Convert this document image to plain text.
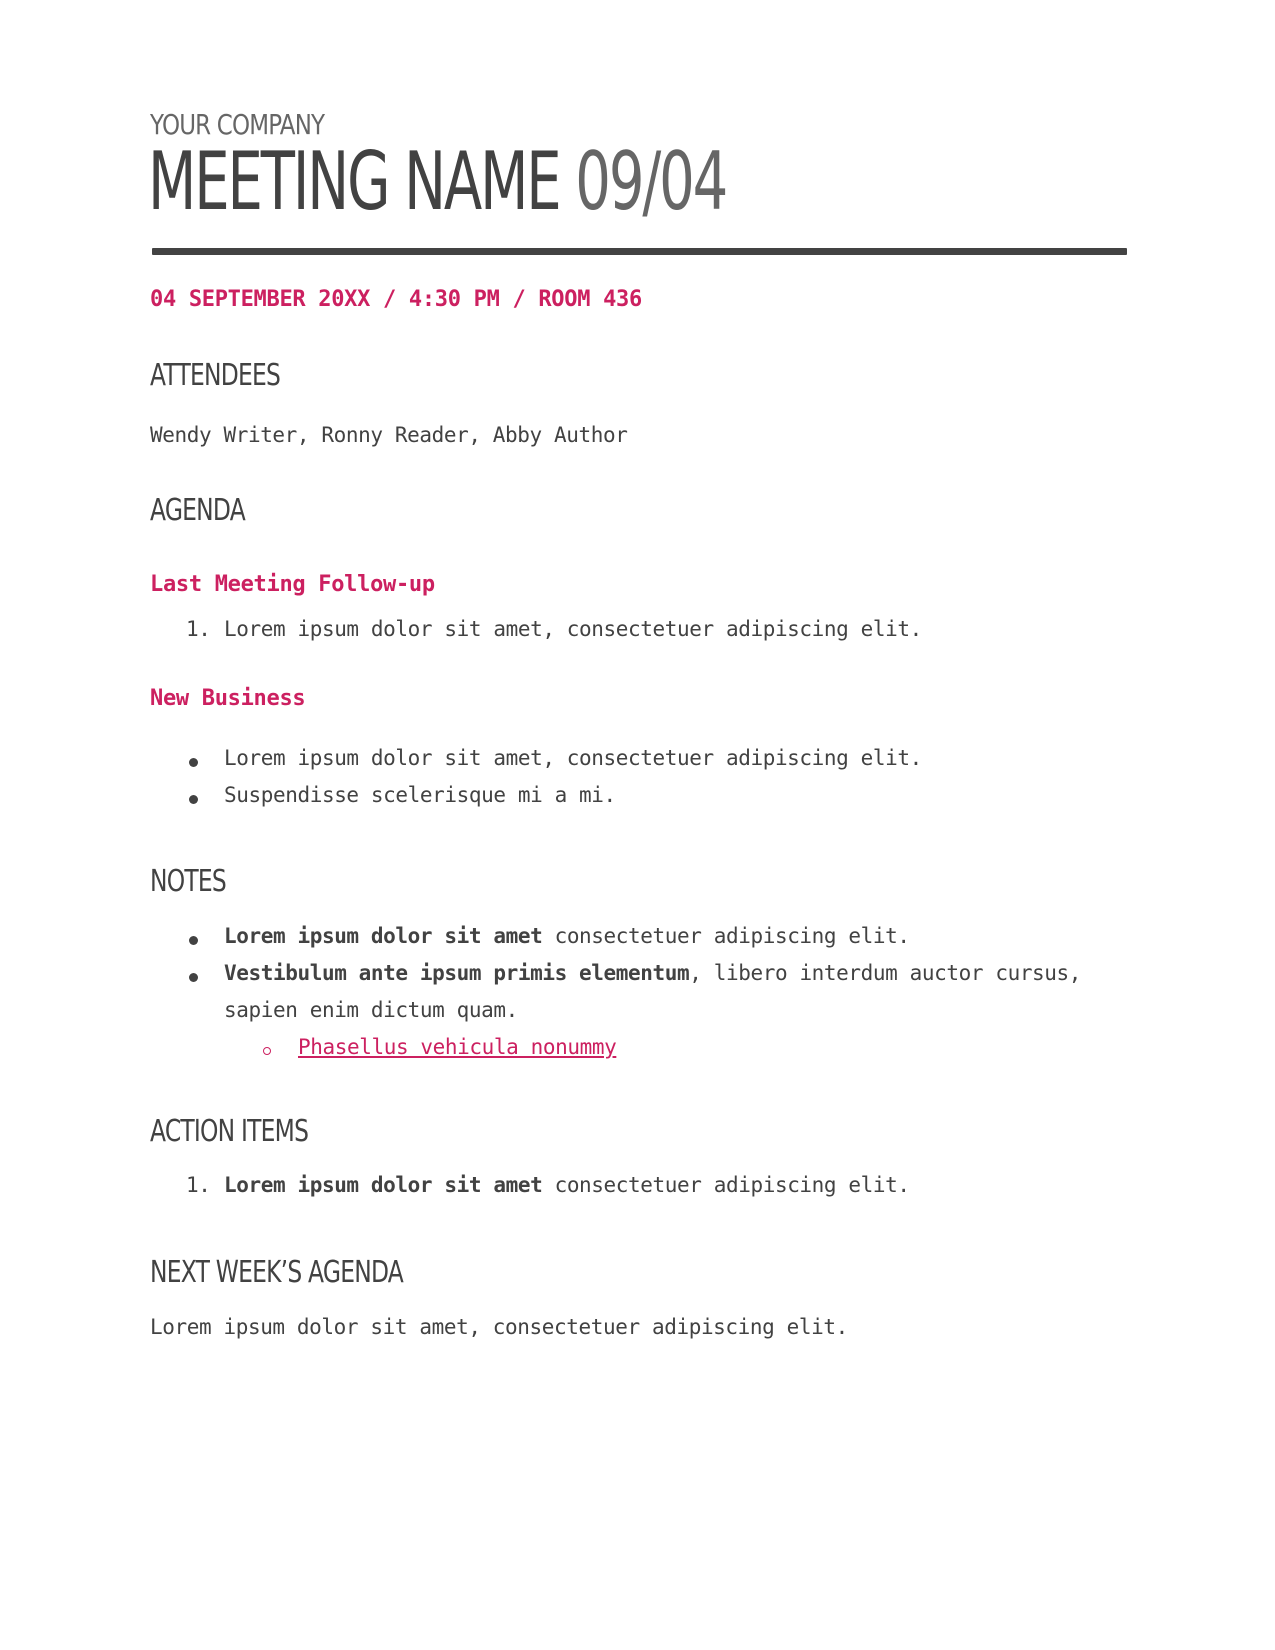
YOUR COMPANY
MEETING NAME 09/04
04 SEPTEMBER 20XX / 4:30 PM / ROOM 436
ATTENDEES
Wendy Writer, Ronny Reader, Abby Author
AGENDA
Last Meeting Follow-up
1. Lorem ipsum dolor sit amet, consectetuer adipiscing elit.
New Business
Lorem ipsum dolor sit amet, consectetuer adipiscing elit.
Suspendisse scelerisque mi a mi.
NOTES
Lorem ipsum dolor sit amet consectetuer adipiscing elit.
Vestibulum ante ipsum primis elementum, libero interdum auctor cursus,
sapien enim dictum quam.
Phasellus vehicula nonummy
ACTION ITEMS
1. Lorem ipsum dolor sit amet consectetuer adipiscing elit.
NEXT WEEK’S AGENDA
Lorem ipsum dolor sit amet, consectetuer adipiscing elit.
